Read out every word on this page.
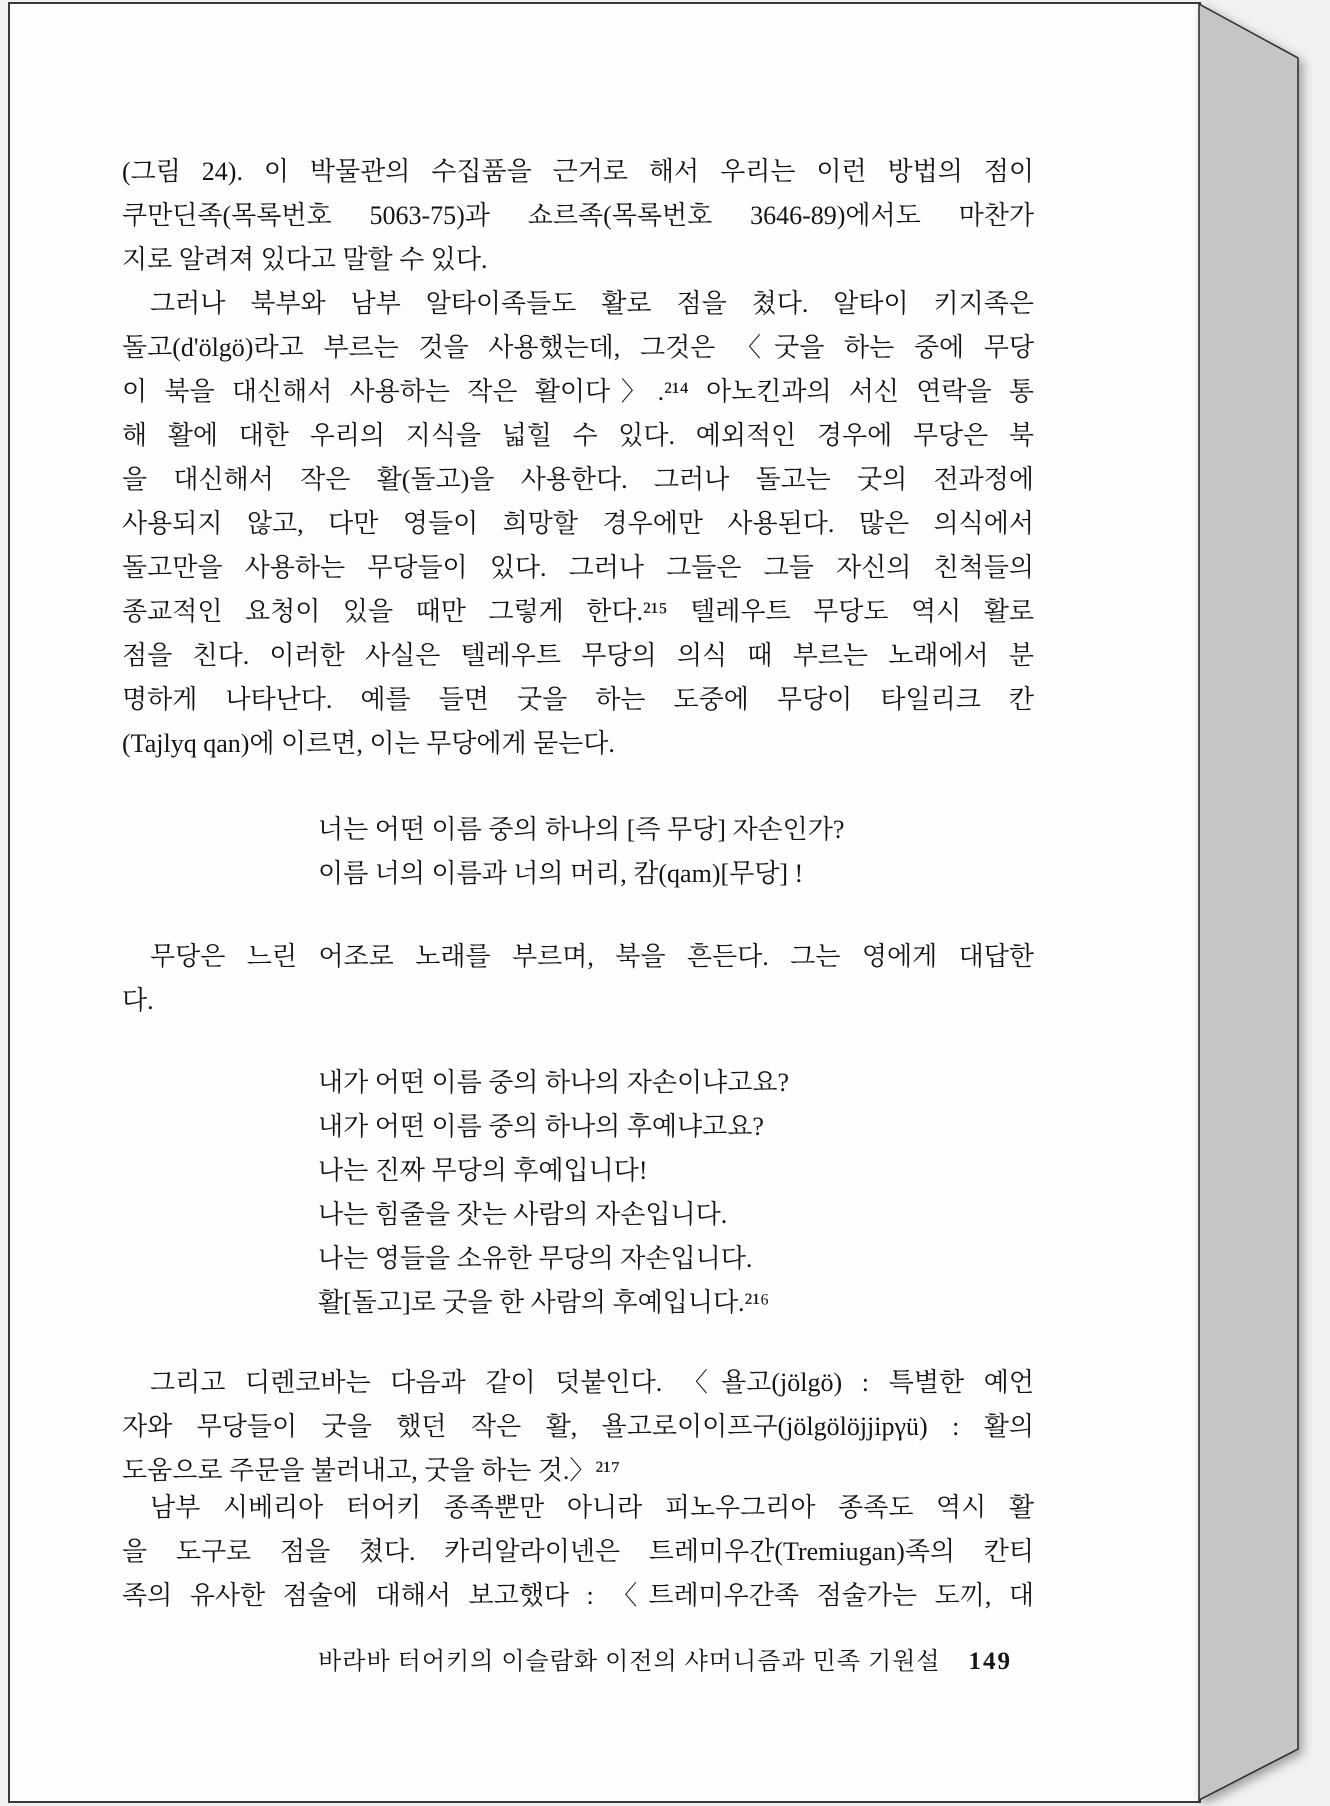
(그림 24). 이 박물관의 수집품을 근거로 해서 우리는 이런 방법의 점이
쿠만딘족(목록번호 5063-75)과 쇼르족(목록번호 3646-89)에서도 마찬가
지로 알려져 있다고 말할 수 있다.
그러나 북부와 남부 알타이족들도 활로 점을 쳤다. 알타이 키지족은
돌고(d'ölgö)라고 부르는 것을 사용했는데, 그것은 〈굿을 하는 중에 무당
이 북을 대신해서 사용하는 작은 활이다〉.²¹⁴ 아노킨과의 서신 연락을 통
해 활에 대한 우리의 지식을 넓힐 수 있다. 예외적인 경우에 무당은 북
을 대신해서 작은 활(돌고)을 사용한다. 그러나 돌고는 굿의 전과정에
사용되지 않고, 다만 영들이 희망할 경우에만 사용된다. 많은 의식에서
돌고만을 사용하는 무당들이 있다. 그러나 그들은 그들 자신의 친척들의
종교적인 요청이 있을 때만 그렇게 한다.²¹⁵ 텔레우트 무당도 역시 활로
점을 친다. 이러한 사실은 텔레우트 무당의 의식 때 부르는 노래에서 분
명하게 나타난다. 예를 들면 굿을 하는 도중에 무당이 타일리크 칸
(Tajlyq qan)에 이르면, 이는 무당에게 묻는다.
너는 어떤 이름 중의 하나의 [즉 무당] 자손인가?
이름 너의 이름과 너의 머리, 캄(qam)[무당] !
무당은 느린 어조로 노래를 부르며, 북을 흔든다. 그는 영에게 대답한
다.
내가 어떤 이름 중의 하나의 자손이냐고요?
내가 어떤 이름 중의 하나의 후예냐고요?
나는 진짜 무당의 후예입니다!
나는 힘줄을 잣는 사람의 자손입니다.
나는 영들을 소유한 무당의 자손입니다.
활[돌고]로 굿을 한 사람의 후예입니다.²¹⁶
그리고 디렌코바는 다음과 같이 덧붙인다. 〈욜고(jölgö) : 특별한 예언
자와 무당들이 굿을 했던 작은 활, 욜고로이이프구(jölgölöjjipγü) : 활의
도움으로 주문을 불러내고, 굿을 하는 것.〉²¹⁷
남부 시베리아 터어키 종족뿐만 아니라 피노우그리아 종족도 역시 활
을 도구로 점을 쳤다. 카리알라이넨은 트레미우간(Tremiugan)족의 칸티
족의 유사한 점술에 대해서 보고했다 : 〈트레미우간족 점술가는 도끼, 대
바라바 터어키의 이슬람화 이전의 샤머니즘과 민족 기원설 149
